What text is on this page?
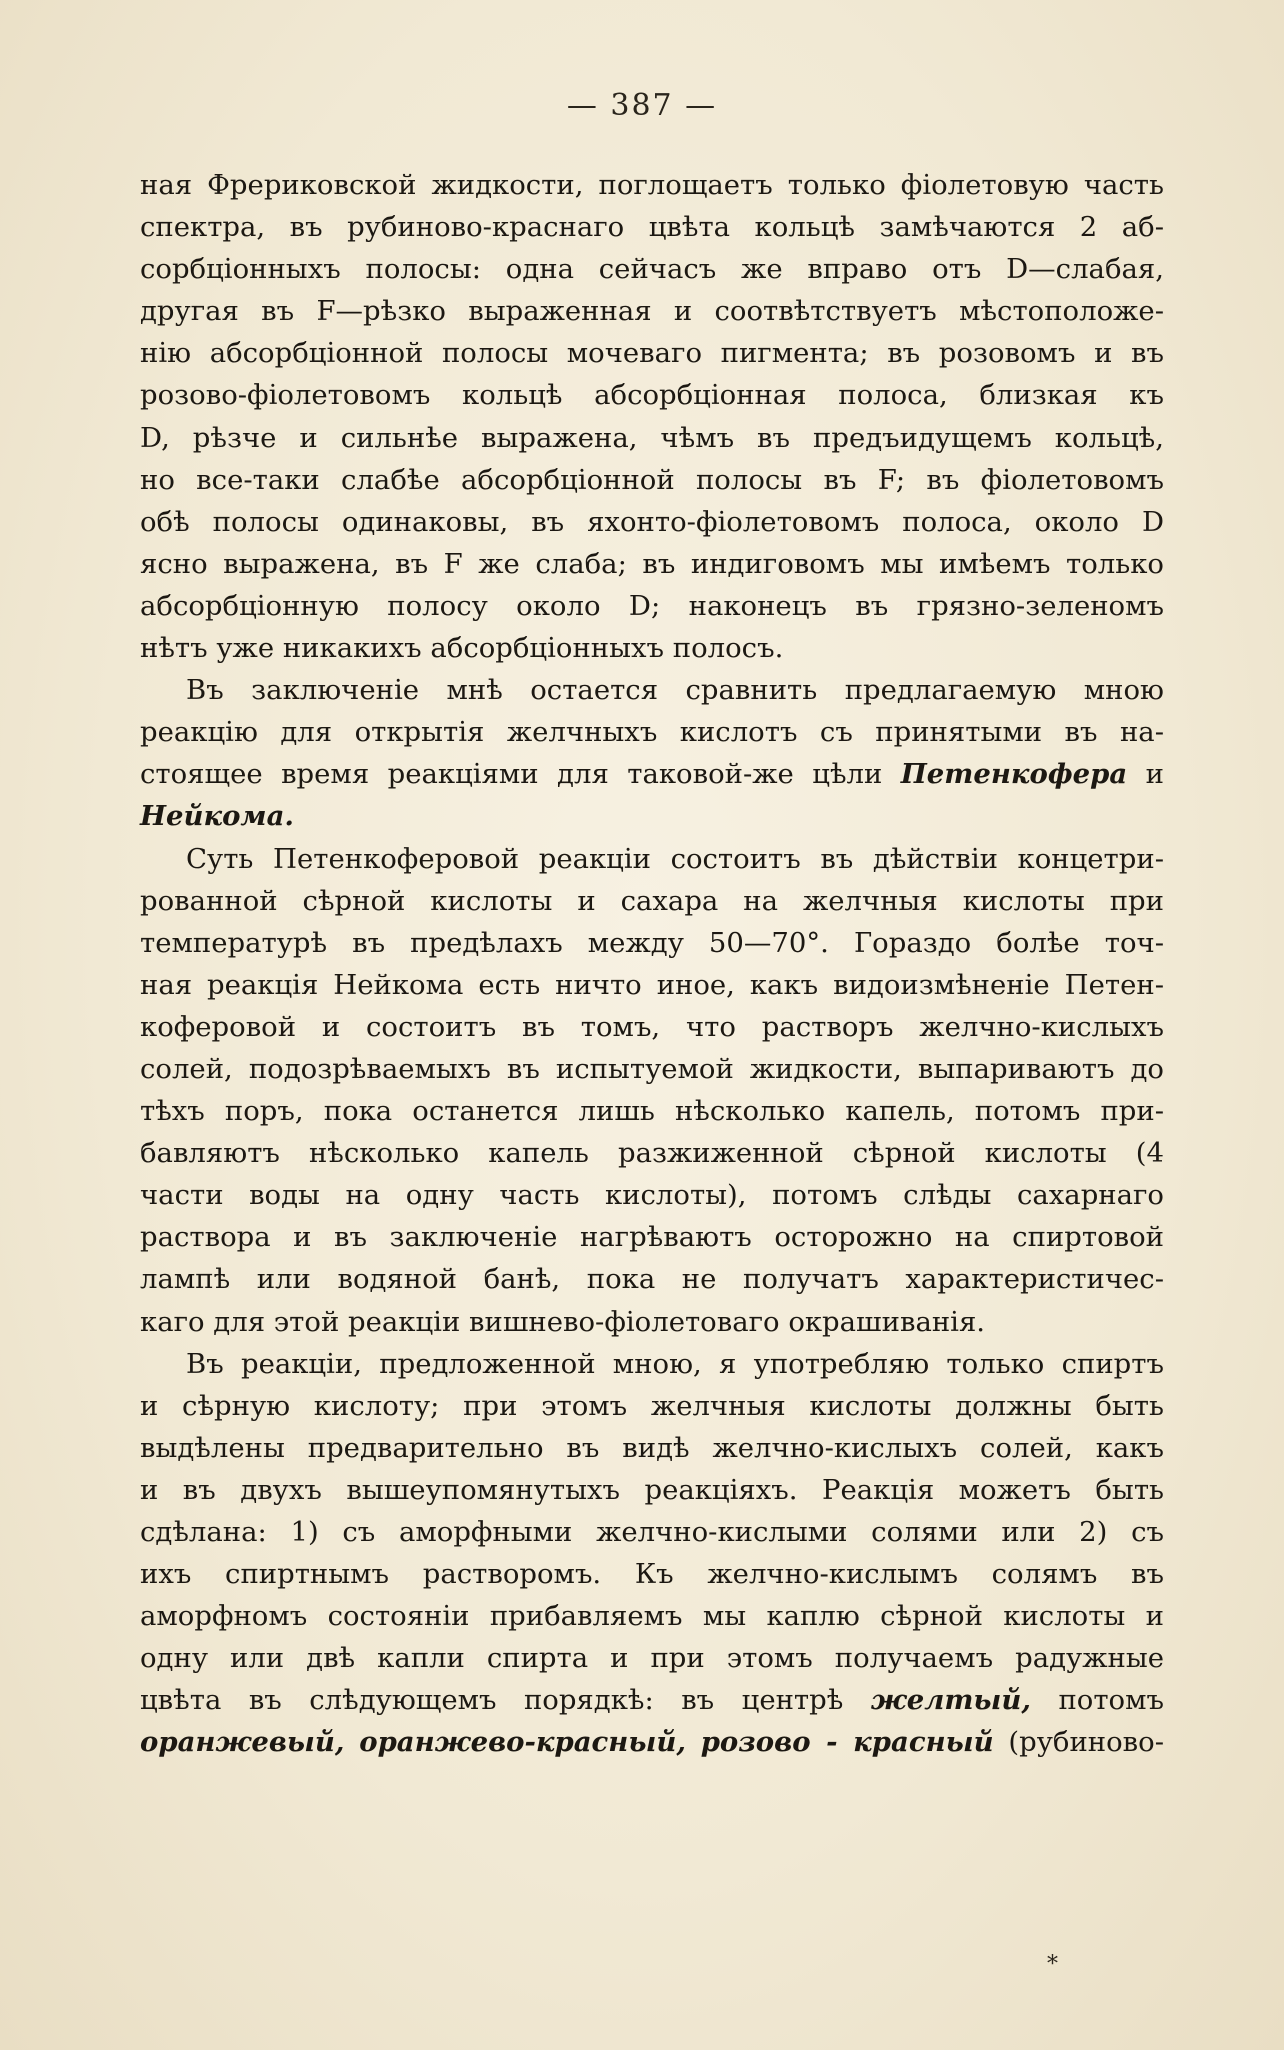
— 387 —
ная Фрериковской жидкости, поглощаетъ только фіолетовую часть
спектра, въ рубиново-краснаго цвѣта кольцѣ замѣчаются 2 аб-
сорбціонныхъ полосы: одна сейчасъ же вправо отъ D—слабая,
другая въ F—рѣзко выраженная и соотвѣтствуетъ мѣстоположе-
нію абсорбціонной полосы мочеваго пигмента; въ розовомъ и въ
розово-фіолетовомъ кольцѣ абсорбціонная полоса, близкая къ
D, рѣзче и сильнѣе выражена, чѣмъ въ предъидущемъ кольцѣ,
но все-таки слабѣе абсорбціонной полосы въ F; въ фіолетовомъ
обѣ полосы одинаковы, въ яхонто-фіолетовомъ полоса, около D
ясно выражена, въ F же слаба; въ индиговомъ мы имѣемъ только
абсорбціонную полосу около D; наконецъ въ грязно-зеленомъ
нѣтъ уже никакихъ абсорбціонныхъ полосъ.
Въ заключеніе мнѣ остается сравнить предлагаемую мною
реакцію для открытія желчныхъ кислотъ съ принятыми въ на-
стоящее время реакціями для таковой-же цѣли Петенкофера и
Нейкома.
Суть Петенкоферовой реакціи состоитъ въ дѣйствіи концетри-
рованной сѣрной кислоты и сахара на желчныя кислоты при
температурѣ въ предѣлахъ между 50—70°. Гораздо болѣе точ-
ная реакція Нейкома есть ничто иное, какъ видоизмѣненіе Петен-
коферовой и состоитъ въ томъ, что растворъ желчно-кислыхъ
солей, подозрѣваемыхъ въ испытуемой жидкости, выпариваютъ до
тѣхъ поръ, пока останется лишь нѣсколько капель, потомъ при-
бавляютъ нѣсколько капель разжиженной сѣрной кислоты (4
части воды на одну часть кислоты), потомъ слѣды сахарнаго
раствора и въ заключеніе нагрѣваютъ осторожно на спиртовой
лампѣ или водяной банѣ, пока не получатъ характеристичес-
каго для этой реакціи вишнево-фіолетоваго окрашиванія.
Въ реакціи, предложенной мною, я употребляю только спиртъ
и сѣрную кислоту; при этомъ желчныя кислоты должны быть
выдѣлены предварительно въ видѣ желчно-кислыхъ солей, какъ
и въ двухъ вышеупомянутыхъ реакціяхъ. Реакція можетъ быть
сдѣлана: 1) съ аморфными желчно-кислыми солями или 2) съ
ихъ спиртнымъ растворомъ. Къ желчно-кислымъ солямъ въ
аморфномъ состояніи прибавляемъ мы каплю сѣрной кислоты и
одну или двѣ капли спирта и при этомъ получаемъ радужные
цвѣта въ слѣдующемъ порядкѣ: въ центрѣ желтый, потомъ
оранжевый, оранжево-красный, розово - красный (рубиново-
*
